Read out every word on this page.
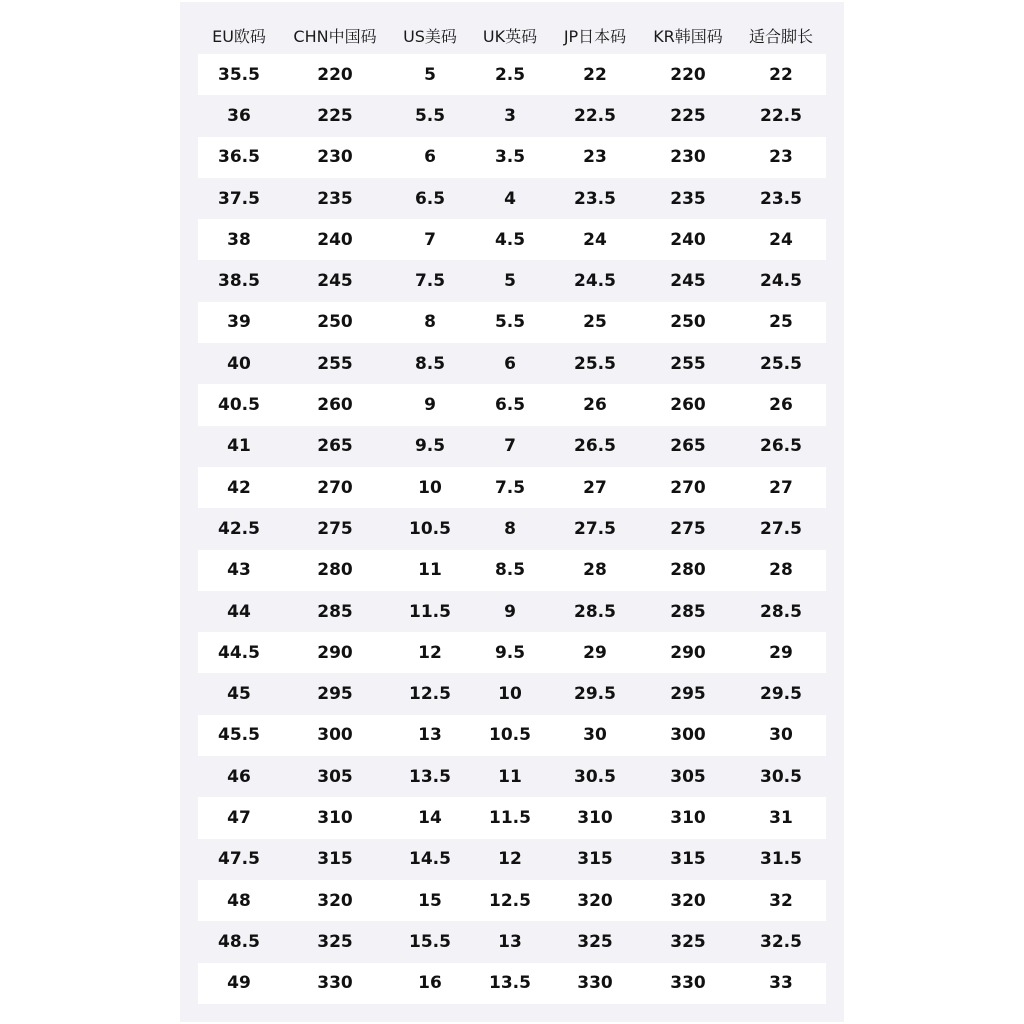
EU欧码	CHN中国码	US美码	UK英码	JP日本码	KR韩国码	适合脚长
35.5	220	5	2.5	22	220	22
36	225	5.5	3	22.5	225	22.5
36.5	230	6	3.5	23	230	23
37.5	235	6.5	4	23.5	235	23.5
38	240	7	4.5	24	240	24
38.5	245	7.5	5	24.5	245	24.5
39	250	8	5.5	25	250	25
40	255	8.5	6	25.5	255	25.5
40.5	260	9	6.5	26	260	26
41	265	9.5	7	26.5	265	26.5
42	270	10	7.5	27	270	27
42.5	275	10.5	8	27.5	275	27.5
43	280	11	8.5	28	280	28
44	285	11.5	9	28.5	285	28.5
44.5	290	12	9.5	29	290	29
45	295	12.5	10	29.5	295	29.5
45.5	300	13	10.5	30	300	30
46	305	13.5	11	30.5	305	30.5
47	310	14	11.5	310	310	31
47.5	315	14.5	12	315	315	31.5
48	320	15	12.5	320	320	32
48.5	325	15.5	13	325	325	32.5
49	330	16	13.5	330	330	33
